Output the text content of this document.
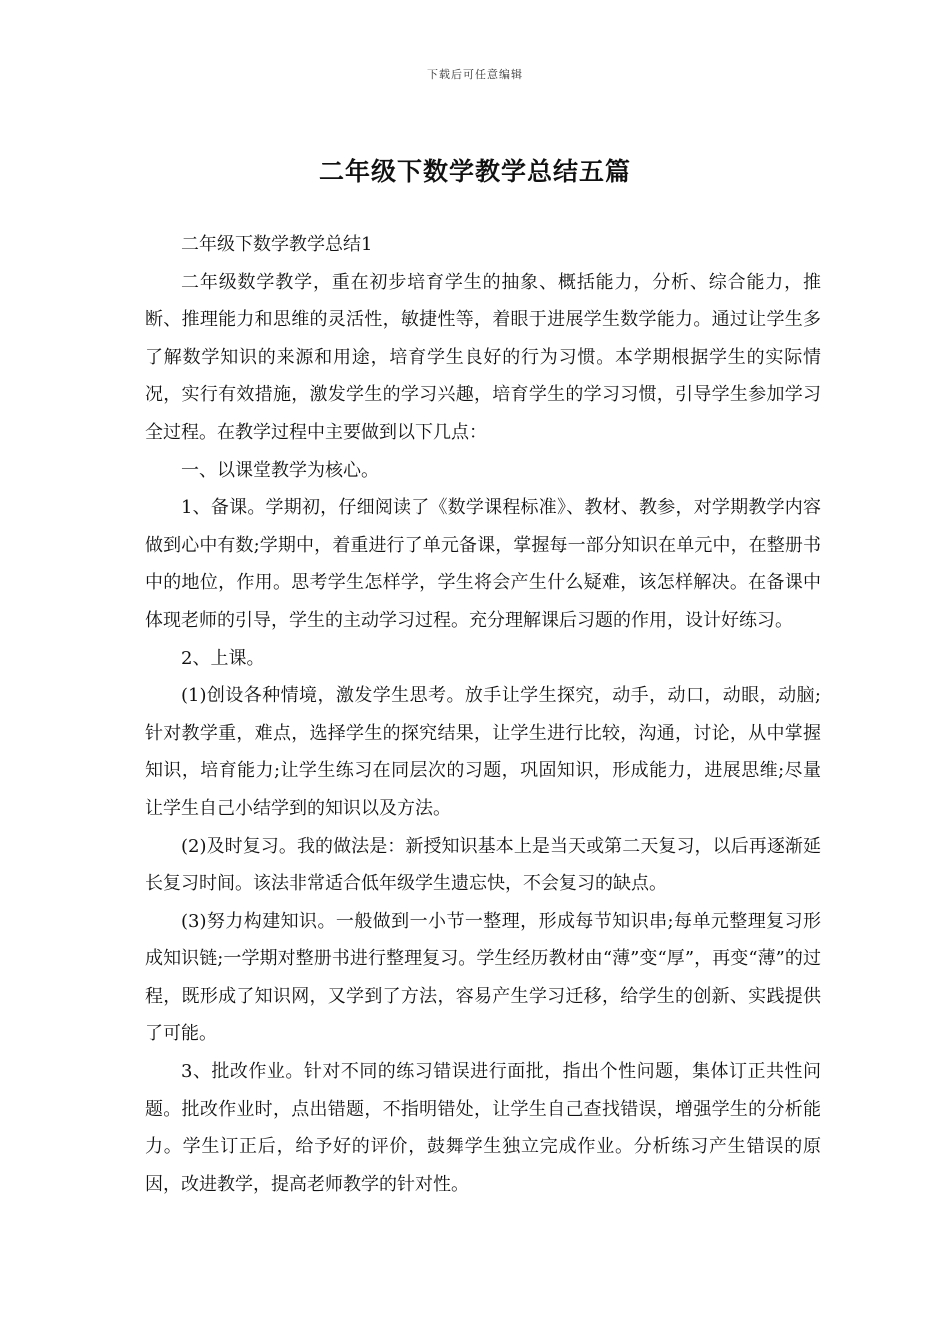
下载后可任意编辑
二年级下数学教学总结五篇

二年级下数学教学总结1

二年级数学教学，重在初步培育学生的抽象、概括能力，分析、综合能力，推断、推理能力和思维的灵活性，敏捷性等，着眼于进展学生数学能力。通过让学生多了解数学知识的来源和用途，培育学生良好的行为习惯。本学期根据学生的实际情况，实行有效措施，激发学生的学习兴趣，培育学生的学习习惯，引导学生参加学习全过程。在教学过程中主要做到以下几点：

一、以课堂教学为核心。

1、备课。学期初，仔细阅读了《数学课程标准》、教材、教参，对学期教学内容做到心中有数;学期中，着重进行了单元备课，掌握每一部分知识在单元中，在整册书中的地位，作用。思考学生怎样学，学生将会产生什么疑难，该怎样解决。在备课中体现老师的引导，学生的主动学习过程。充分理解课后习题的作用，设计好练习。

2、上课。

(1)创设各种情境，激发学生思考。放手让学生探究，动手，动口，动眼，动脑;针对教学重，难点，选择学生的探究结果，让学生进行比较，沟通，讨论，从中掌握知识，培育能力;让学生练习在同层次的习题，巩固知识，形成能力，进展思维;尽量让学生自己小结学到的知识以及方法。

(2)及时复习。我的做法是：新授知识基本上是当天或第二天复习，以后再逐渐延长复习时间。该法非常适合低年级学生遗忘快，不会复习的缺点。

(3)努力构建知识。一般做到一小节一整理，形成每节知识串;每单元整理复习形成知识链;一学期对整册书进行整理复习。学生经历教材由“薄”变“厚”，再变“薄”的过程，既形成了知识网，又学到了方法，容易产生学习迁移，给学生的创新、实践提供了可能。

3、批改作业。针对不同的练习错误进行面批，指出个性问题，集体订正共性问题。批改作业时，点出错题，不指明错处，让学生自己查找错误，增强学生的分析能力。学生订正后，给予好的评价，鼓舞学生独立完成作业。分析练习产生错误的原因，改进教学，提高老师教学的针对性。
